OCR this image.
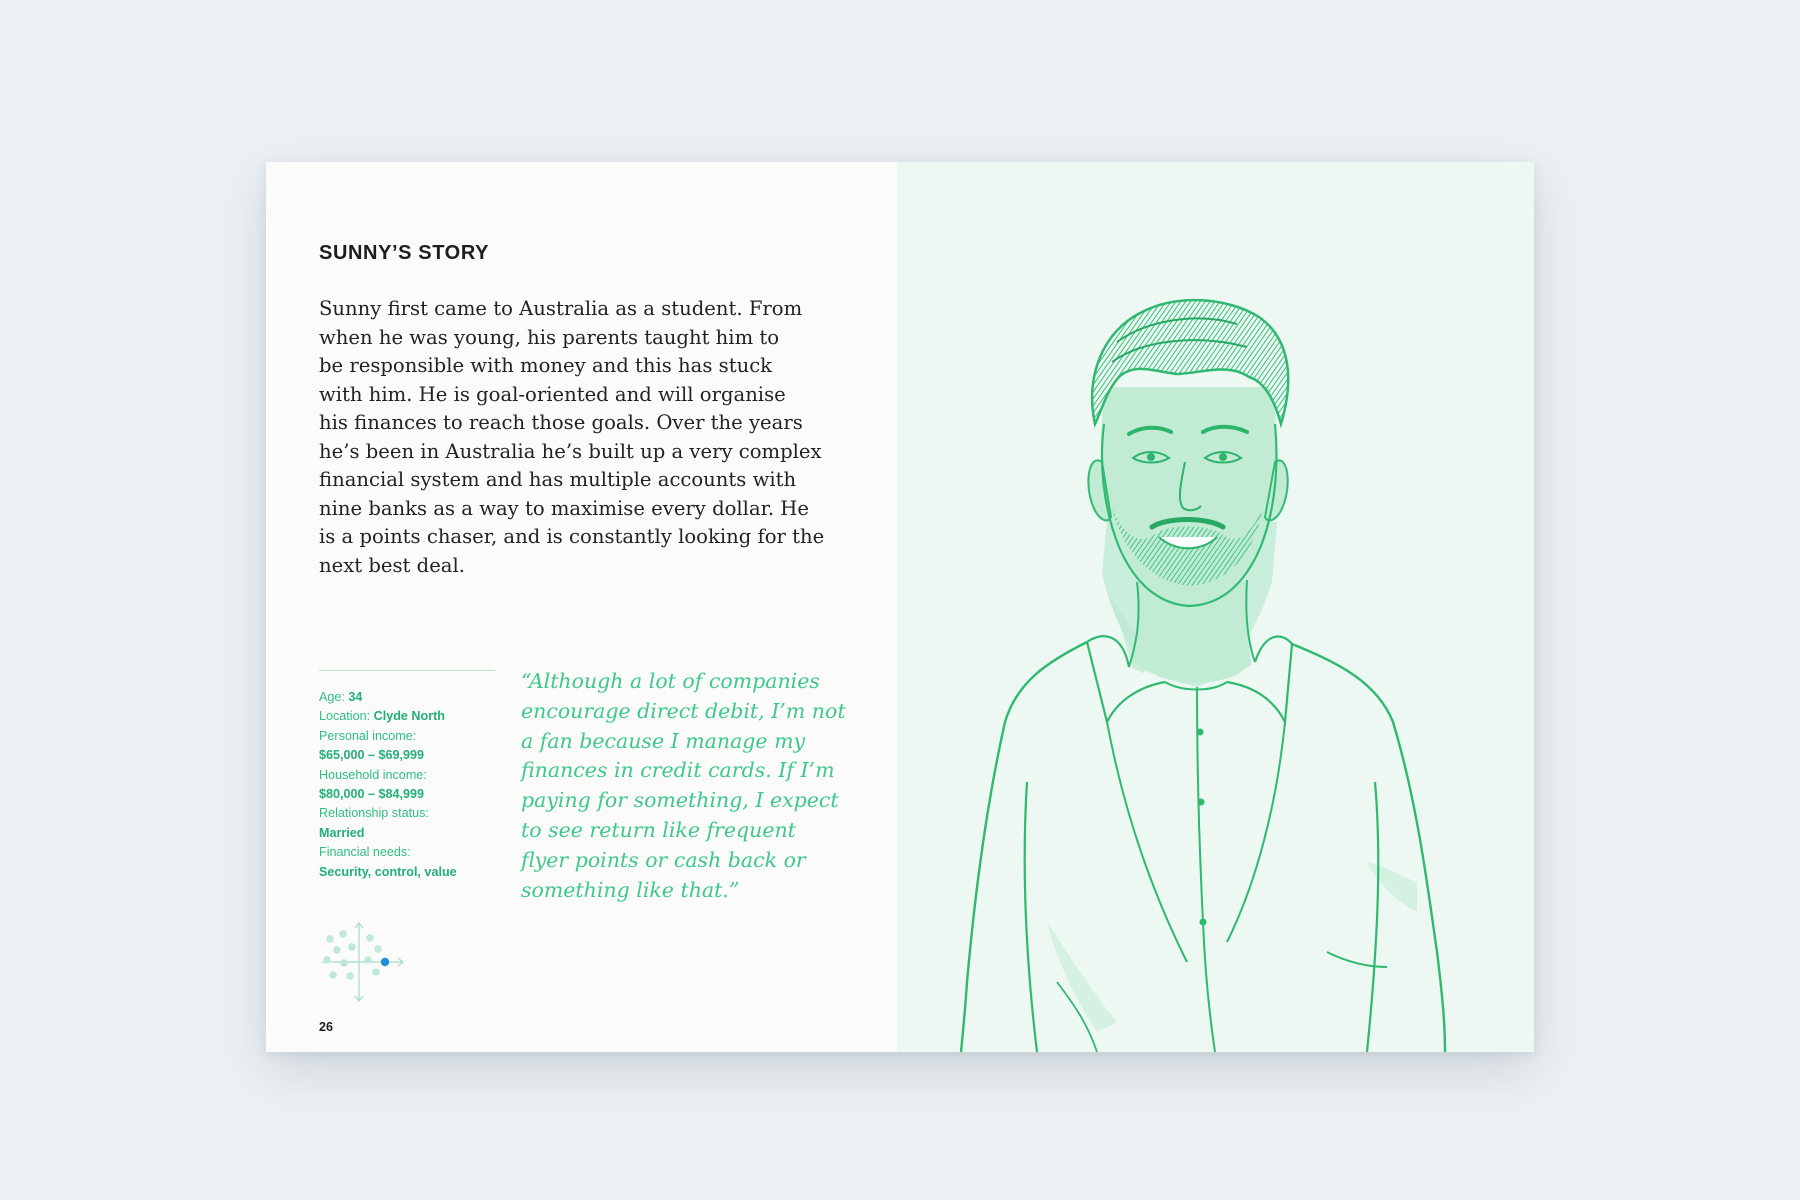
SUNNY’S STORY

Sunny first came to Australia as a student. From
when he was young, his parents taught him to
be responsible with money and this has stuck
with him. He is goal-oriented and will organise
his finances to reach those goals. Over the years
he’s been in Australia he’s built up a very complex
financial system and has multiple accounts with
nine banks as a way to maximise every dollar. He
is a points chaser, and is constantly looking for the
next best deal.

Age: 34
Location: Clyde North
Personal income:
$65,000 – $69,999
Household income:
$80,000 – $84,999
Relationship status:
Married
Financial needs:
Security, control, value

“Although a lot of companies
encourage direct debit, I’m not
a fan because I manage my
finances in credit cards. If I’m
paying for something, I expect
to see return like frequent
flyer points or cash back or
something like that.”

26
